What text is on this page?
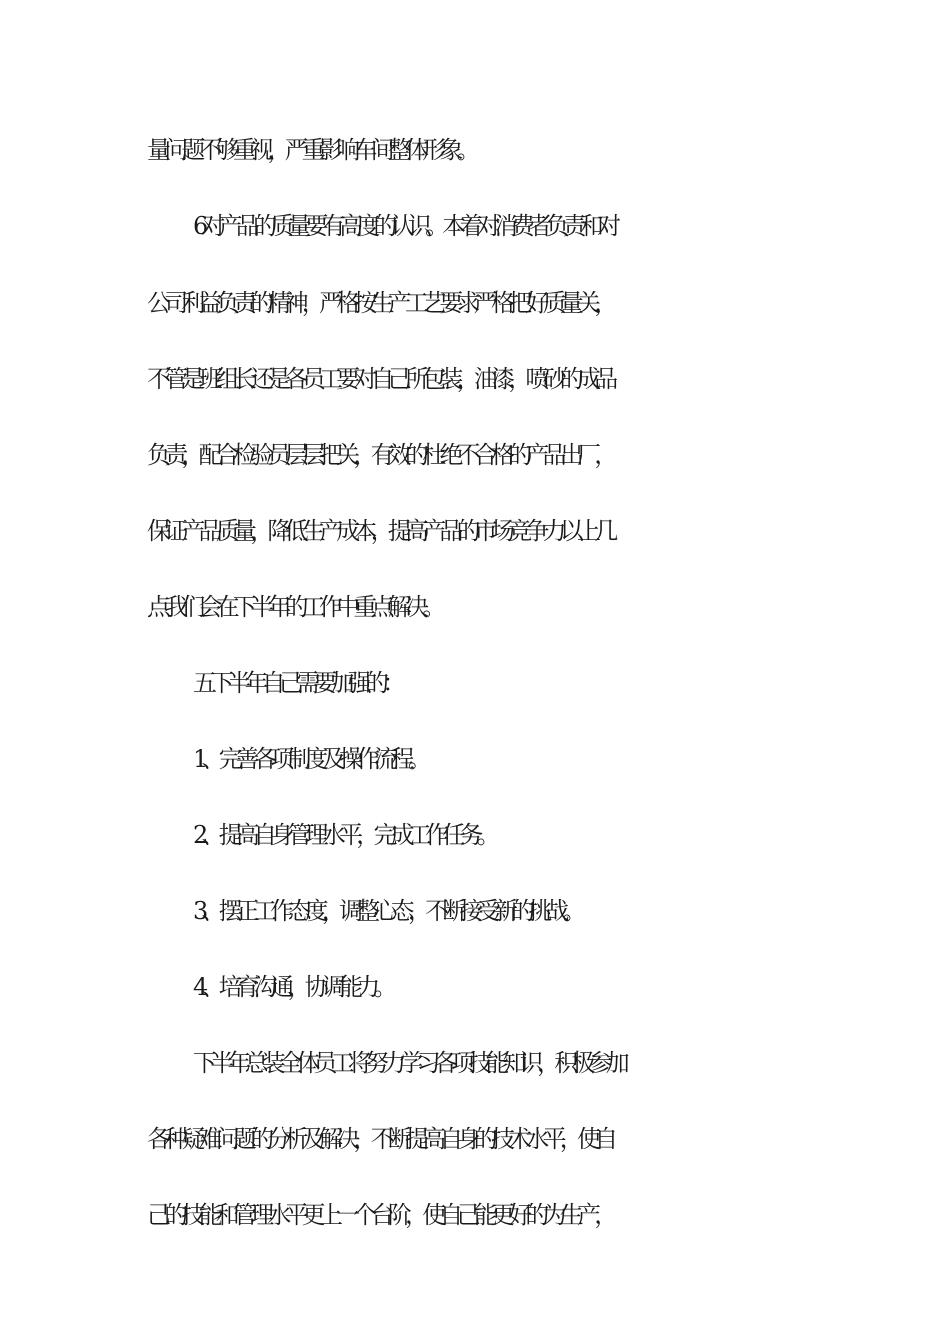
量问题不够重视，严重影响车间整体形象。
6对产品的质量要有高度的认识。本着对消费者负责和对
公司利益负责的精神，严格按生产工艺要求严格把好质量关，
不管是班组长还是各员工要对自己所包装，油漆，喷砂的成品
负责，配合检验员层层把关，有效的杜绝不合格的产品出厂，
保证产品质量，降低生产成本，提高产品的市场竞争力以上几
点我们会在下半年的工作中重点解决。
五下半年自己需要加强的：
1、完善各项制度及操作流程。
2、提高自身管理水平，完成工作任务。
3、摆正工作态度，调整心态，不断接受新的挑战。
4、培育沟通，协调能力。
下半年总装全体员工将努力学习各项技能知识，积极参加
各种疑难问题的分析及解决，不断提高自身的技术水平，使自
己的技能和管理水平更上一个台阶，使自己能更好的为生产，
